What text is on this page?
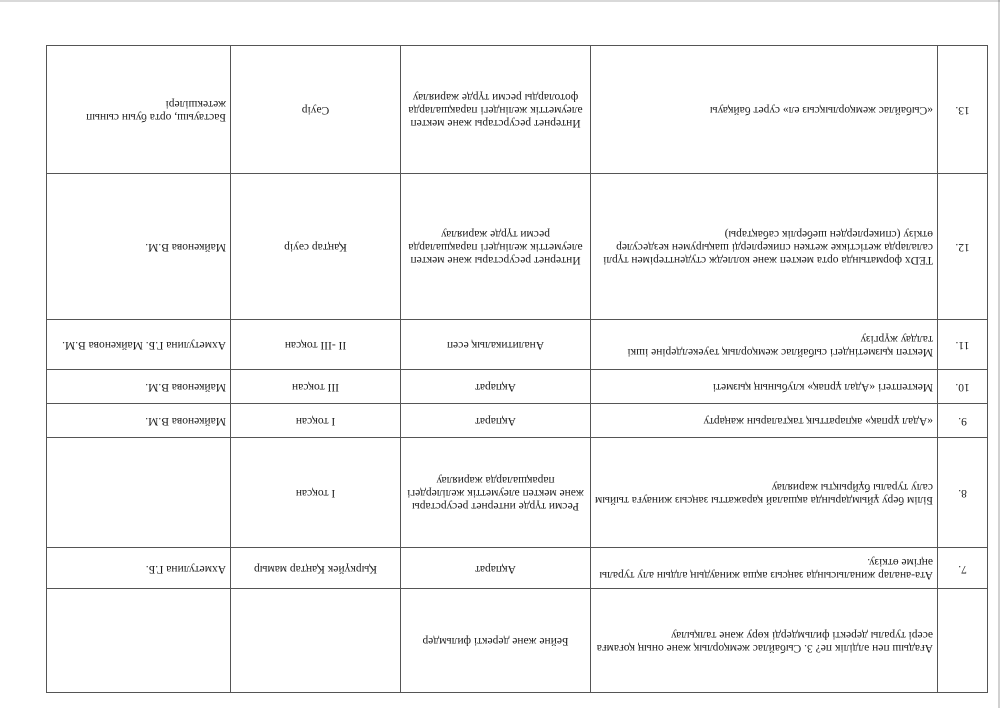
Ағадыш пен әлділік пе? 3. Сыбайлас жемқорлық және оның қоғамға әсері туралы деректі фильмдерді көру және талқылау
Бейне және деректі фильмдер
7.
Ата-аналар жиналысында заңсыз ақша жинаудың алдын алу туралы әңгіме өткізу.
Ақпарат
Қыркүйек Қаңтар мамыр
Ахметулина Г.Б.
8.
Білім беру ұйымдарында ақшалай қаражатты заңсыз жинауға тыйым салу туралы бұйрықты жариялау
Ресми түрде интернет ресурстары және мектеп әлеуметтік желілердегі парақшаларда жариялау
І тоқсан
9.
«Адал ұрпақ» ақпараттық тақталарын жаңарту
Ақпарат
І тоқсан
Майкенова В.М.
10.
Мектептегі «Адал ұрпақ» клубының қызметі
Ақпарат
ІІІ тоқсан
Майкенова В.М.
11.
Мектеп қызметіндегі сыбайлас жемқорлық тәуекелдеріне ішкі талдау жүргізу
Аналитикалық есеп
ІІ -ІІІ тоқсан
Ахметулина Г.Б. Майкенова В.М.
12.
ТЕDх форматында орта мектеп және колледж студенттерімен түрлі салаларда жетістікке жеткен спикерлерді шақырумен кездесулер өткізу (спикерлерден шеберлік сабақтары)
Интернет ресурстары және мектеп әлеуметтік желіндегі парақшаларда ресми түрде жариялау
Қаңтар сәуір
Майкенова В.М.
13.
«Сыбайлас жемқорлықсыз ел» сурет байқауы
Интернет ресурстары және мектеп әлеуметтік желіндегі парақшаларда фотоларды ресми түрде жариялау
Сәуір
Бастауыш, орта буын сынып жетекшілері
